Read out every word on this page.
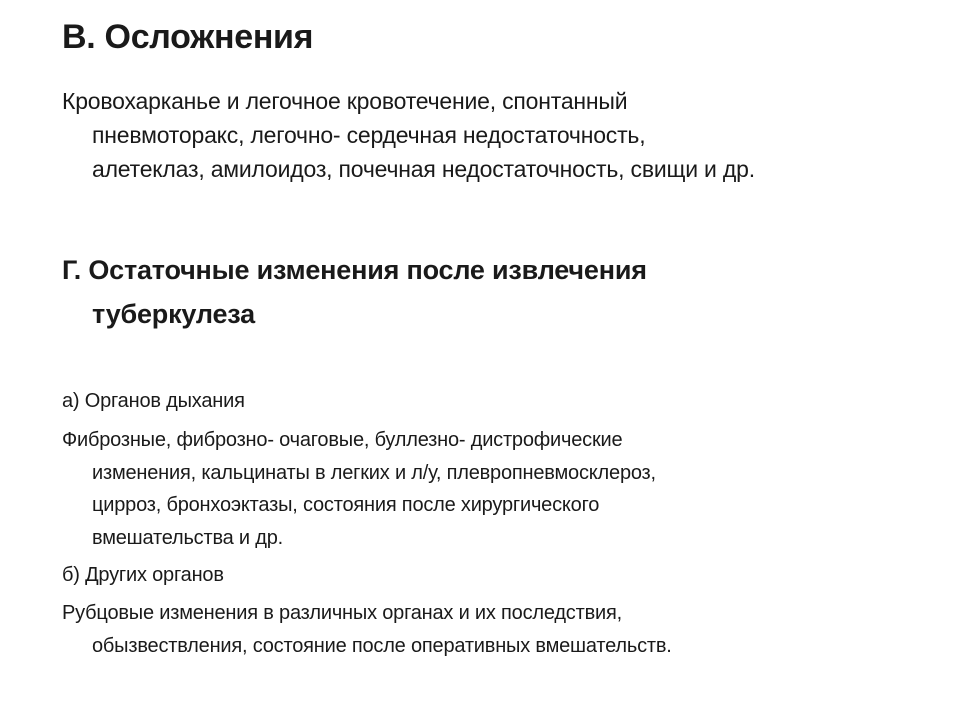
В. Осложнения

Кровохарканье и легочное кровотечение, спонтанный
пневмоторакс, легочно- сердечная недостаточность,
алетеклаз, амилоидоз, почечная недостаточность, свищи и др.

Г. Остаточные изменения после извлечения
туберкулеза

а) Органов дыхания

Фиброзные, фиброзно- очаговые, буллезно- дистрофические
изменения, кальцинаты в легких и л/у, плевропневмосклероз,
цирроз, бронхоэктазы, состояния после хирургического
вмешательства и др.

б) Других органов

Рубцовые изменения в различных органах и их последствия,
обызвествления, состояние после оперативных вмешательств.
